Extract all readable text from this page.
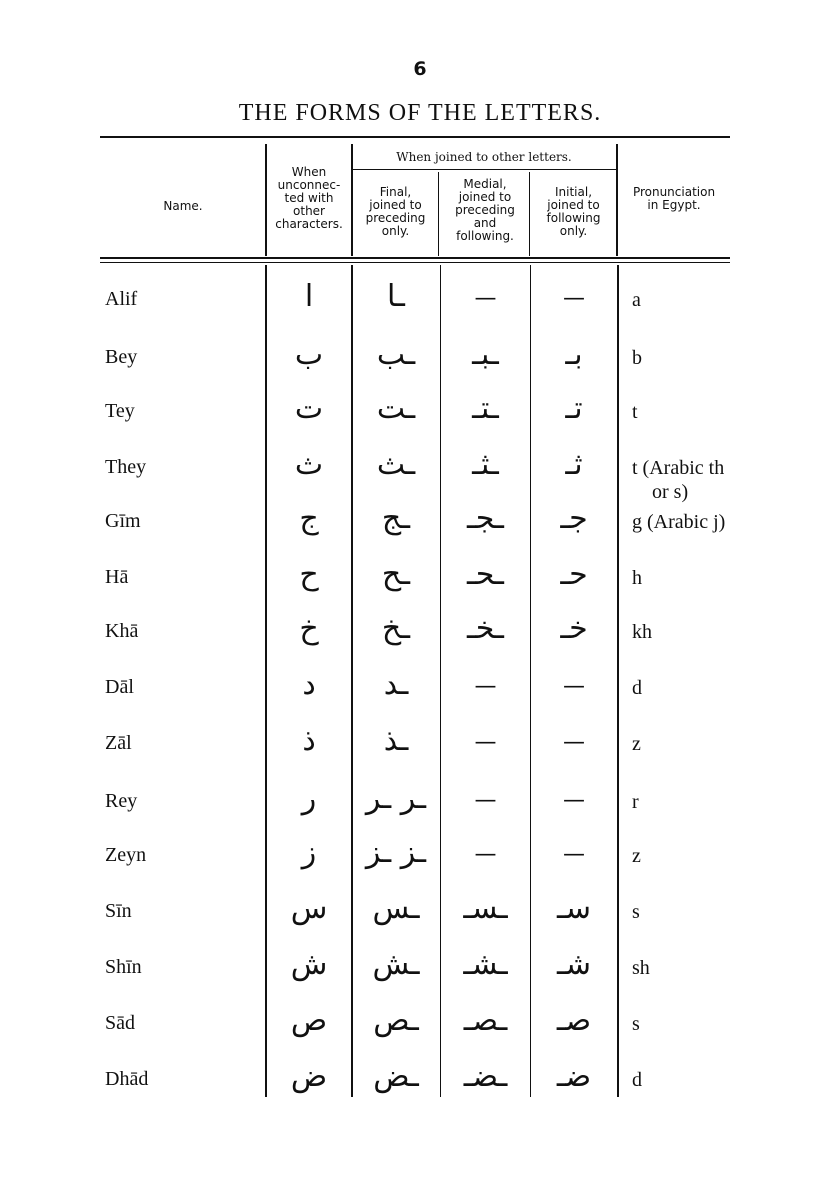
6
THE FORMS OF THE LETTERS.
Name.
When
unconnec-
ted with
other
characters.
When joined to other letters.
Final,
joined to
preceding
only.
Medial,
joined to
preceding
and
following.
Initial,
joined to
following
only.
Pronunciation
in Egypt.
Alif	ا	ـا	—	—	a
Bey	ب	ـب	ـبـ	بـ	b
Tey	ت	ـت	ـتـ	تـ	t
They	ث	ـث	ـثـ	ثـ	t (Arabic th
or s)
Gīm	ج	ـج	ـجـ	جـ	g (Arabic j)
Hā	ح	ـح	ـحـ	حـ	h
Khā	خ	ـخ	ـخـ	خـ	kh
Dāl	د	ـد	—	—	d
Zāl	ذ	ـذ	—	—	z
Rey	ر	ـر ـر	—	—	r
Zeyn	ز	ـز ـز	—	—	z
Sīn	س	ـس	ـسـ	سـ	s
Shīn	ش	ـش	ـشـ	شـ	sh
Sād	ص	ـص	ـصـ	صـ	s
Dhād	ض	ـض	ـضـ	ضـ	d
